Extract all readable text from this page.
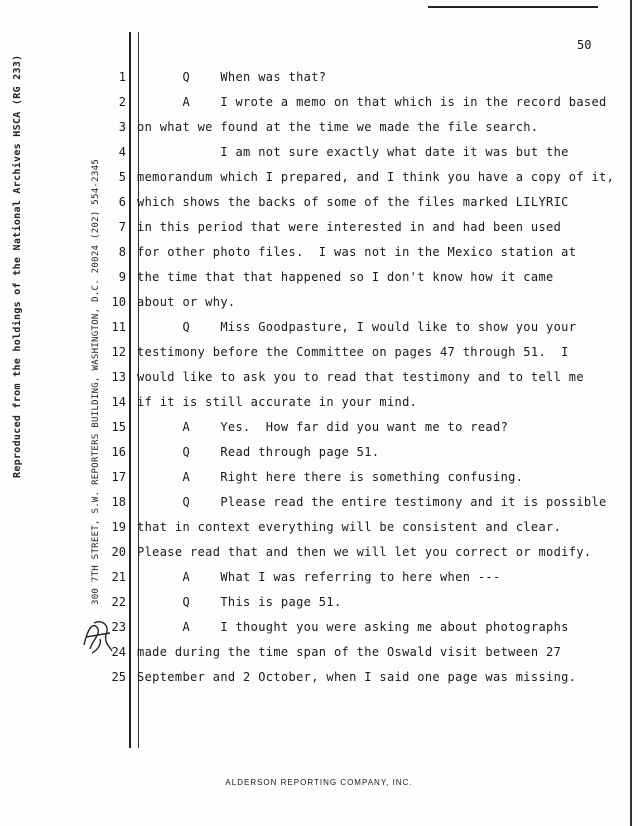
50
Reproduced from the holdings of the National Archives HSCA (RG 233)	300 7TH STREET, S.W. REPORTERS BUILDING, WASHINGTON, D.C. 20024 (202) 554-2345
1
2
3
4
5
6
7
8
9
10
11
12
13
14
15
16
17
18
19
20
21
22
23
24
25
Q    When was that?
A    I wrote a memo on that which is in the record based
on what we found at the time we made the file search.
I am not sure exactly what date it was but the
memorandum which I prepared, and I think you have a copy of it,
which shows the backs of some of the files marked LILYRIC
in this period that were interested in and had been used
for other photo files.  I was not in the Mexico station at
the time that that happened so I don't know how it came
about or why.
Q    Miss Goodpasture, I would like to show you your
testimony before the Committee on pages 47 through 51.  I
would like to ask you to read that testimony and to tell me
if it is still accurate in your mind.
A    Yes.  How far did you want me to read?
Q    Read through page 51.
A    Right here there is something confusing.
Q    Please read the entire testimony and it is possible
that in context everything will be consistent and clear.
Please read that and then we will let you correct or modify.
A    What I was referring to here when ---
Q    This is page 51.
A    I thought you were asking me about photographs
made during the time span of the Oswald visit between 27
September and 2 October, when I said one page was missing.
ALDERSON REPORTING COMPANY, INC.
